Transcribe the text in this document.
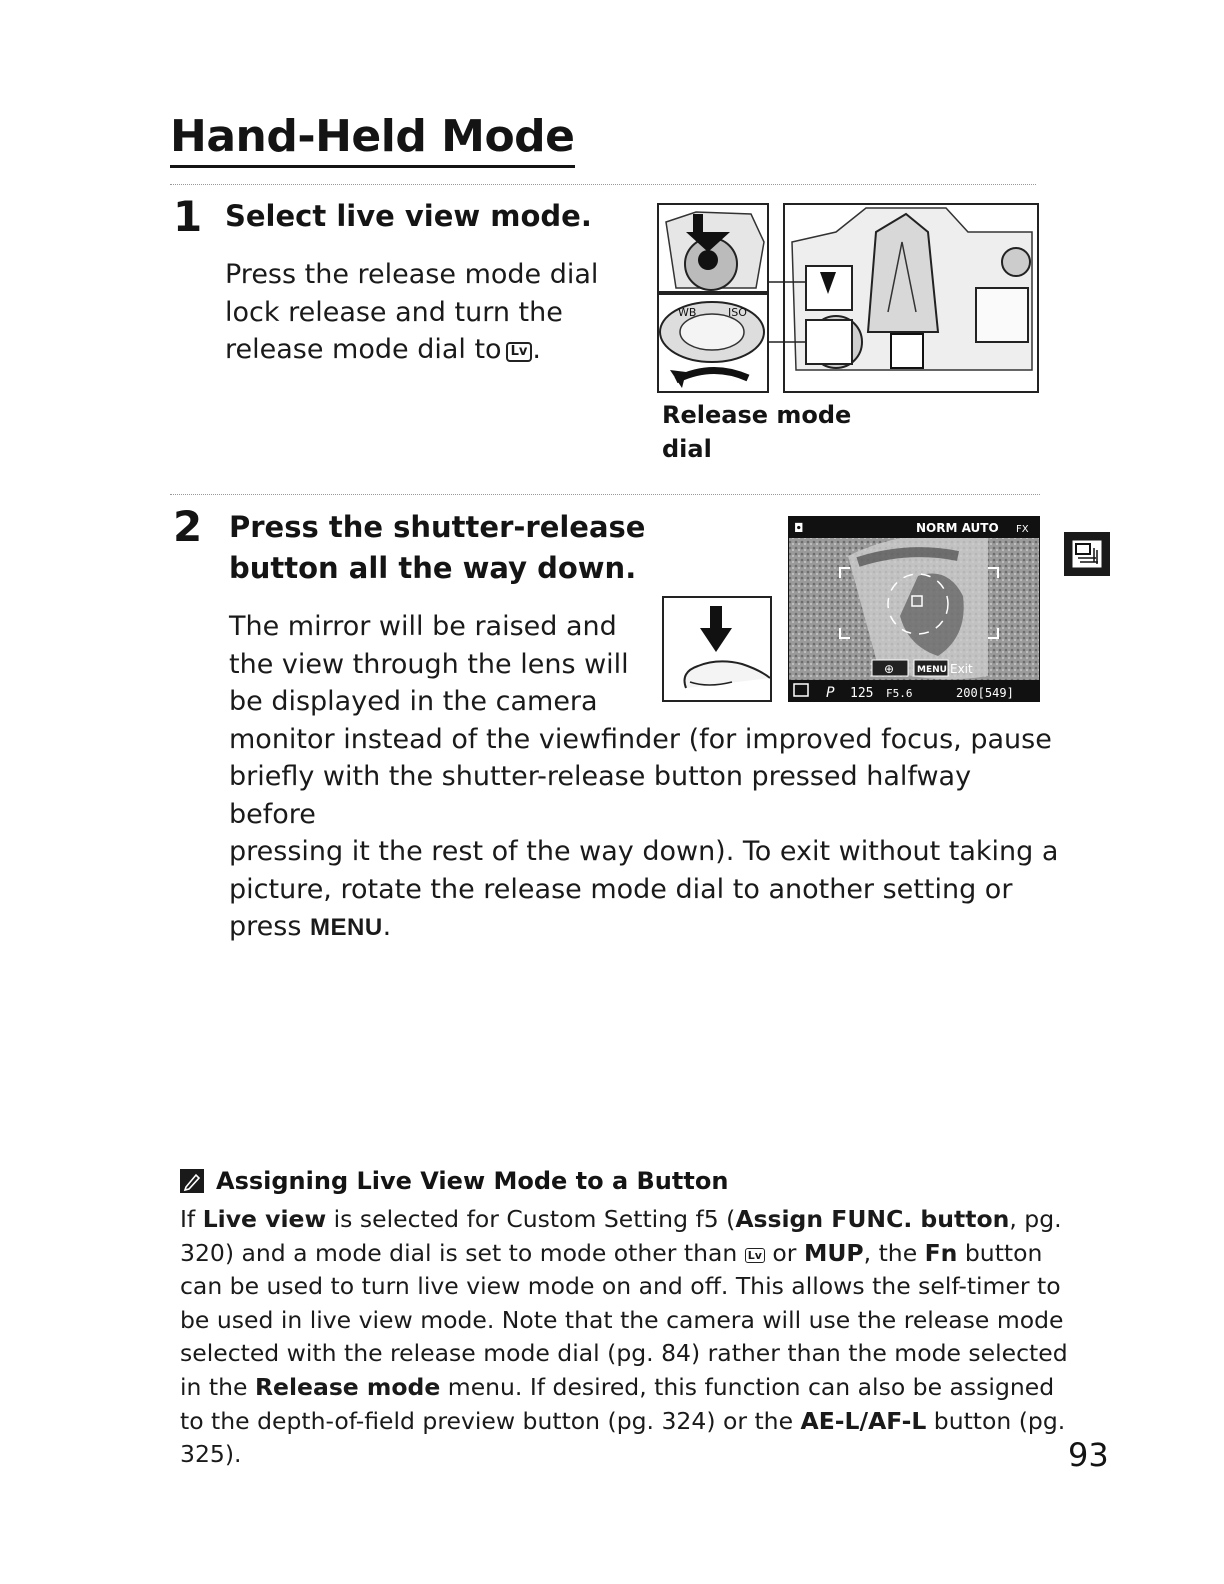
Hand-Held Mode
1 Select live view mode.
Press the release mode dial
lock release and turn the
release mode dial to Lv .
WB	ISO
Release mode
dial
2 Press the shutter-release
button all the way down.
The mirror will be raised and
the view through the lens will
be displayed in the camera
monitor instead of the viewfinder (for improved focus, pause
briefly with the shutter-release button pressed halfway before
pressing it the rest of the way down). To exit without taking a
picture, rotate the release mode dial to another setting or
press MENU.
◘	NORM AUTO FX
⊕	MENU Exit
P 125 F5.6	200[549]
Assigning Live View Mode to a Button
If Live view is selected for Custom Setting f5 (Assign FUNC. button, pg. 320) and a mode dial is set to mode other than Lv or MUP, the Fn button can be used to turn live view mode on and off. This allows the self-timer to be used in live view mode. Note that the camera will use the release mode selected with the release mode dial (pg. 84) rather than the mode selected in the Release mode menu. If desired, this function can also be assigned to the depth-of-field preview button (pg. 324) or the AE-L/AF-L button (pg. 325).	93
